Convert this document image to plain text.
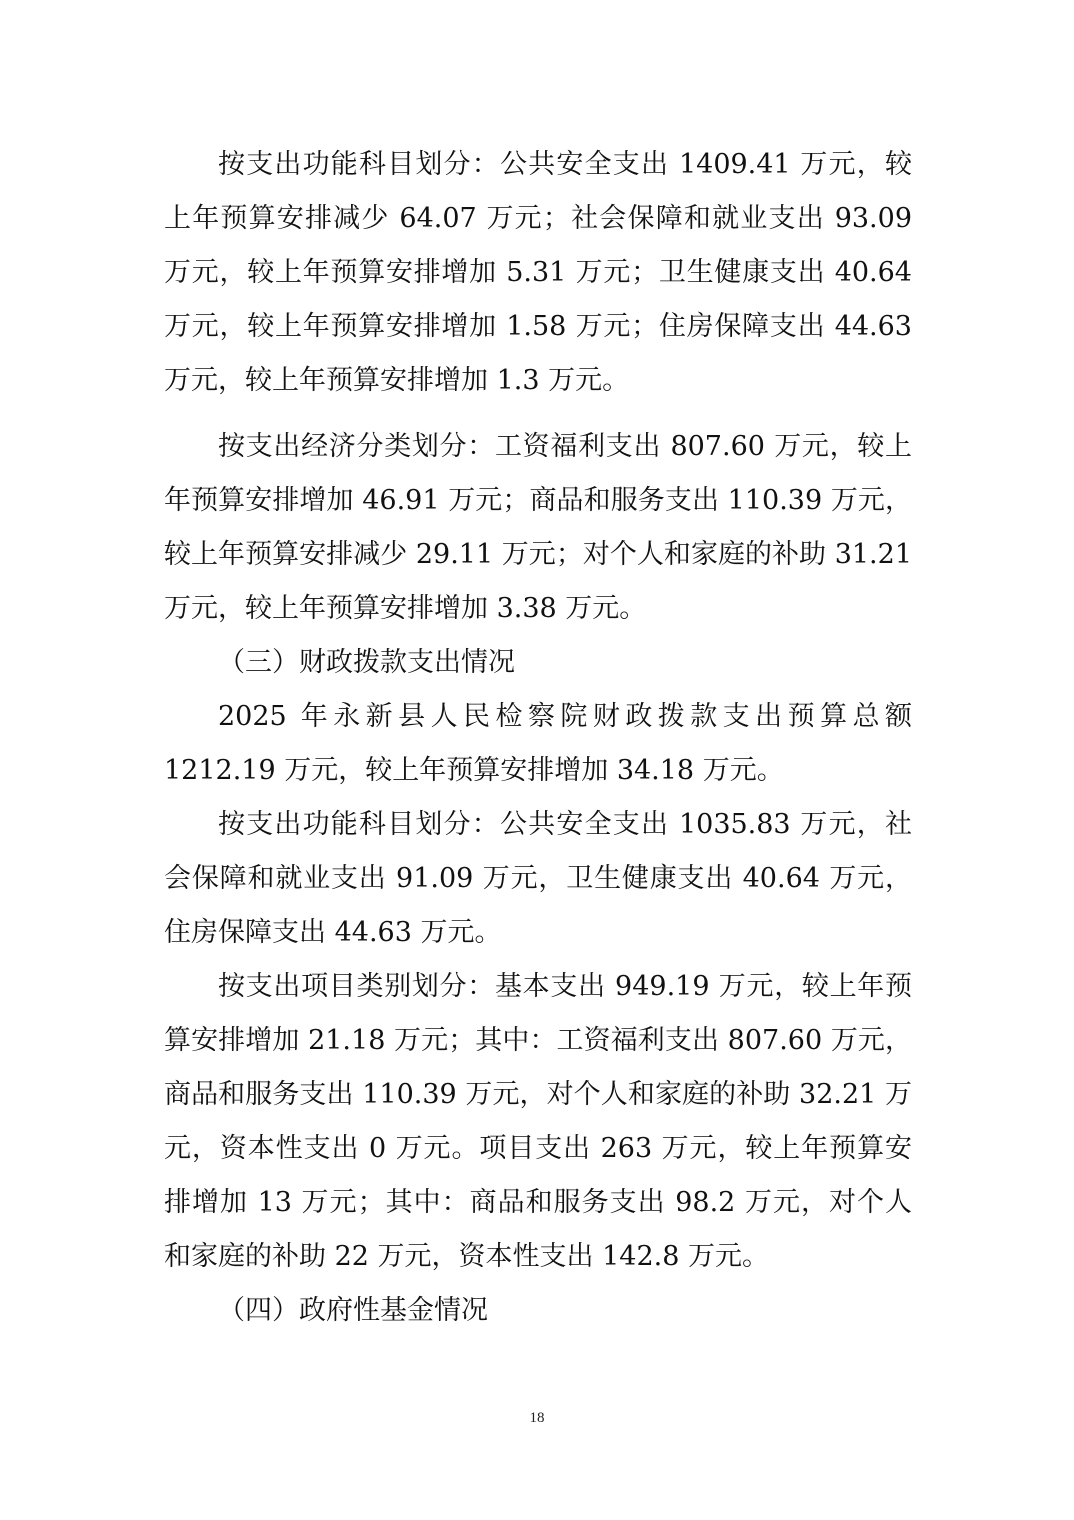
按支出功能科目划分：公共安全支出 1409.41 万元，较上年预算安排减少 64.07 万元；社会保障和就业支出 93.09 万元，较上年预算安排增加 5.31 万元；卫生健康支出 40.64 万元，较上年预算安排增加 1.58 万元；住房保障支出 44.63 万元，较上年预算安排增加 1.3 万元。

按支出经济分类划分：工资福利支出 807.60 万元，较上年预算安排增加 46.91 万元；商品和服务支出 110.39 万元，较上年预算安排减少 29.11 万元；对个人和家庭的补助 31.21 万元，较上年预算安排增加 3.38 万元。

（三）财政拨款支出情况

2025 年永新县人民检察院财政拨款支出预算总额 1212.19 万元，较上年预算安排增加 34.18 万元。

按支出功能科目划分：公共安全支出 1035.83 万元，社会保障和就业支出 91.09 万元，卫生健康支出 40.64 万元，住房保障支出 44.63 万元。

按支出项目类别划分：基本支出 949.19 万元，较上年预算安排增加 21.18 万元；其中：工资福利支出 807.60 万元，商品和服务支出 110.39 万元，对个人和家庭的补助 32.21 万元，资本性支出 0 万元。项目支出 263 万元，较上年预算安排增加 13 万元；其中：商品和服务支出 98.2 万元，对个人和家庭的补助 22 万元，资本性支出 142.8 万元。

（四）政府性基金情况

18
